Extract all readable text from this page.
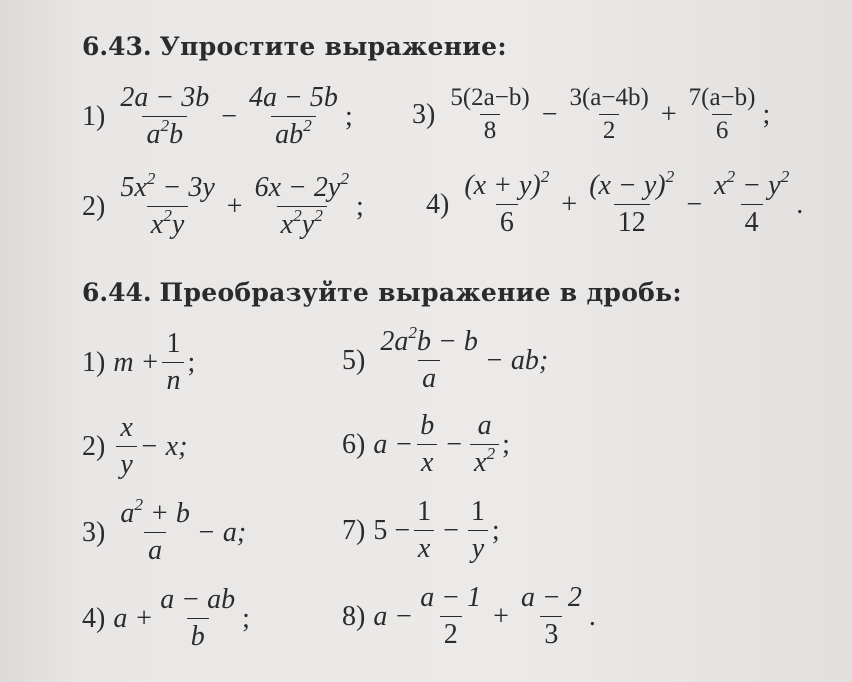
6.43. Упростите выражение:
$1) \frac{2a - 3b}{a^2b} - \frac{4a - 5b}{ab^2}$ ; $3) \frac{5(2a-b)}{8} - \frac{3(a-4b)}{2} + \frac{7(a-b)}{6}$ ;
$2) \frac{5x^2 - 3y}{x^2y} + \frac{6x - 2y^2}{x^2y^2}$ ; $4) \frac{(x + y)^2}{6} + \frac{(x - y)^2}{12} - \frac{x^2 - y^2}{4}$ .
6.44. Преобразуйте выражение в дробь:
1) $m + \frac{1}{n}$ ;	$5) \frac{2a^2b - b}{a}$ − ab;
$2) \frac{x}{y} - x$;	6) $a - \frac{b}{x} - \frac{a}{x^2}$ ;
$3) \frac{a^2 + b}{a} - a$;	7) $5 - \frac{1}{x} - \frac{1}{y}$ ;
4) $a + \frac{a - ab}{b}$ ;	8) $a - \frac{a - 1}{2} + \frac{a - 2}{3}$ .
